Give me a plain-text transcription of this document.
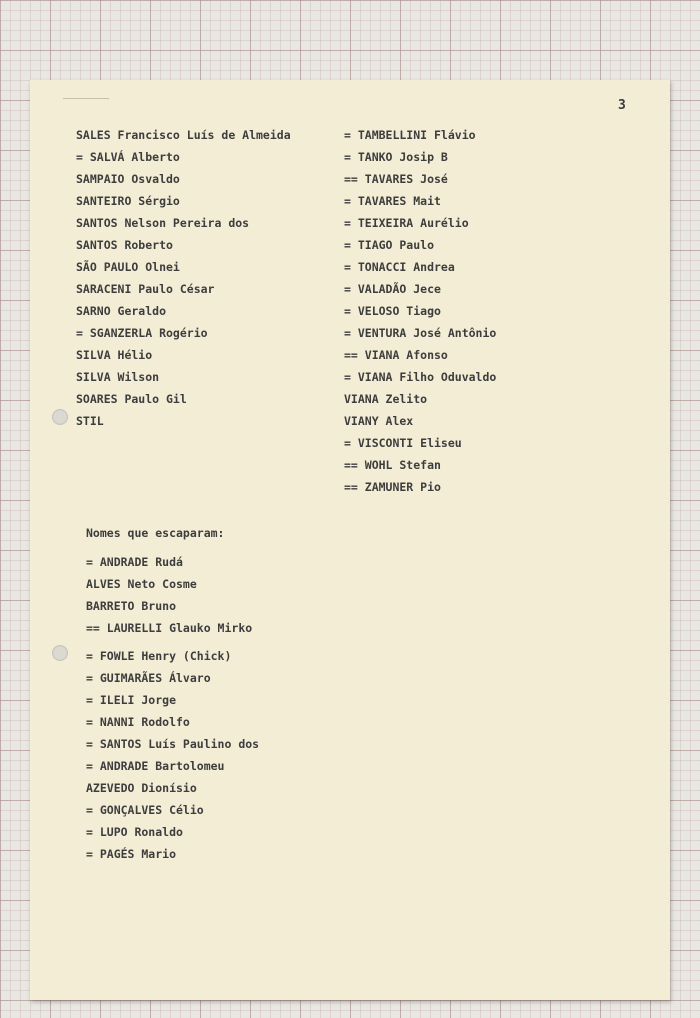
3
SALES Francisco Luís de Almeida
= SALVÁ Alberto
SAMPAIO Osvaldo
SANTEIRO Sérgio
SANTOS Nelson Pereira dos
SANTOS Roberto
SÃO PAULO Olnei
SARACENI Paulo César
SARNO Geraldo
= SGANZERLA Rogério
SILVA Hélio
SILVA Wilson
SOARES Paulo Gil
STIL
= TAMBELLINI Flávio
= TANKO Josip B
== TAVARES José
= TAVARES Mait
= TEIXEIRA Aurélio
= TIAGO Paulo
= TONACCI Andrea
= VALADÃO Jece
= VELOSO Tiago
= VENTURA José Antônio
== VIANA Afonso
= VIANA Filho Oduvaldo
VIANA Zelito
VIANY Alex
= VISCONTI Eliseu
== WOHL Stefan
== ZAMUNER Pio
Nomes que escaparam:
= ANDRADE Rudá
ALVES Neto Cosme
BARRETO Bruno
== LAURELLI Glauko Mirko
= FOWLE Henry (Chick)
= GUIMARÃES Álvaro
= ILELI Jorge
= NANNI Rodolfo
= SANTOS Luís Paulino dos
= ANDRADE Bartolomeu
AZEVEDO Dionísio
= GONÇALVES Célio
= LUPO Ronaldo
= PAGÉS Mario
